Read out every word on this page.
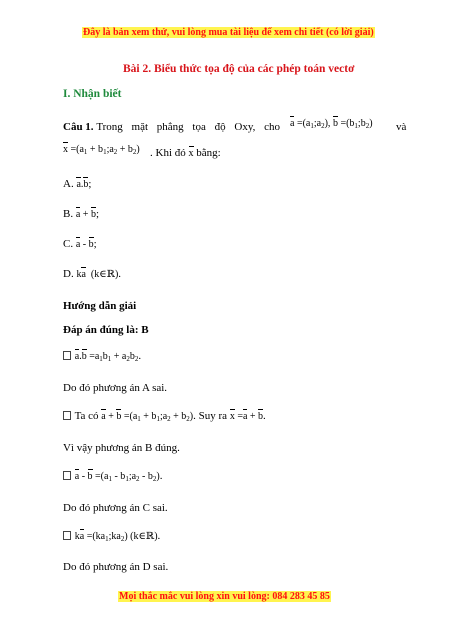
Đây là bản xem thử, vui lòng mua tài liệu để xem chi tiết (có lời giải)
Bài 2. Biểu thức tọa độ của các phép toán vectơ
I. Nhận biết
Câu 1. Trong mặt phẳng tọa độ Oxy, cho $a =(a_1;a_2)$, $b =(b_1;b_2)$ và
$x =(a_1$ + $b_1;a_2 + b_2$) . Khi đó x bằng:
A. a.b;
B. a + b;
C. a - b;
D. ka  (k∈ℝ).
Hướng dẫn giải
Đáp án đúng là: B
$a.b =a_1b_1 + a_2b_2$.
Do đó phương án A sai.
Ta có $a + b =(a_1$ + $b_1;a_2 + b_2$). Suy ra x =a + b.
Vì vậy phương án B đúng.
$a - b =(a_1$ - $b_1;a_2 - b_2$).
Do đó phương án C sai.
ka $=(ka_1;ka_2)$ (k∈ℝ).
Do đó phương án D sai.
Mọi thắc mắc vui lòng xin vui lòng: 084 283 45 85
